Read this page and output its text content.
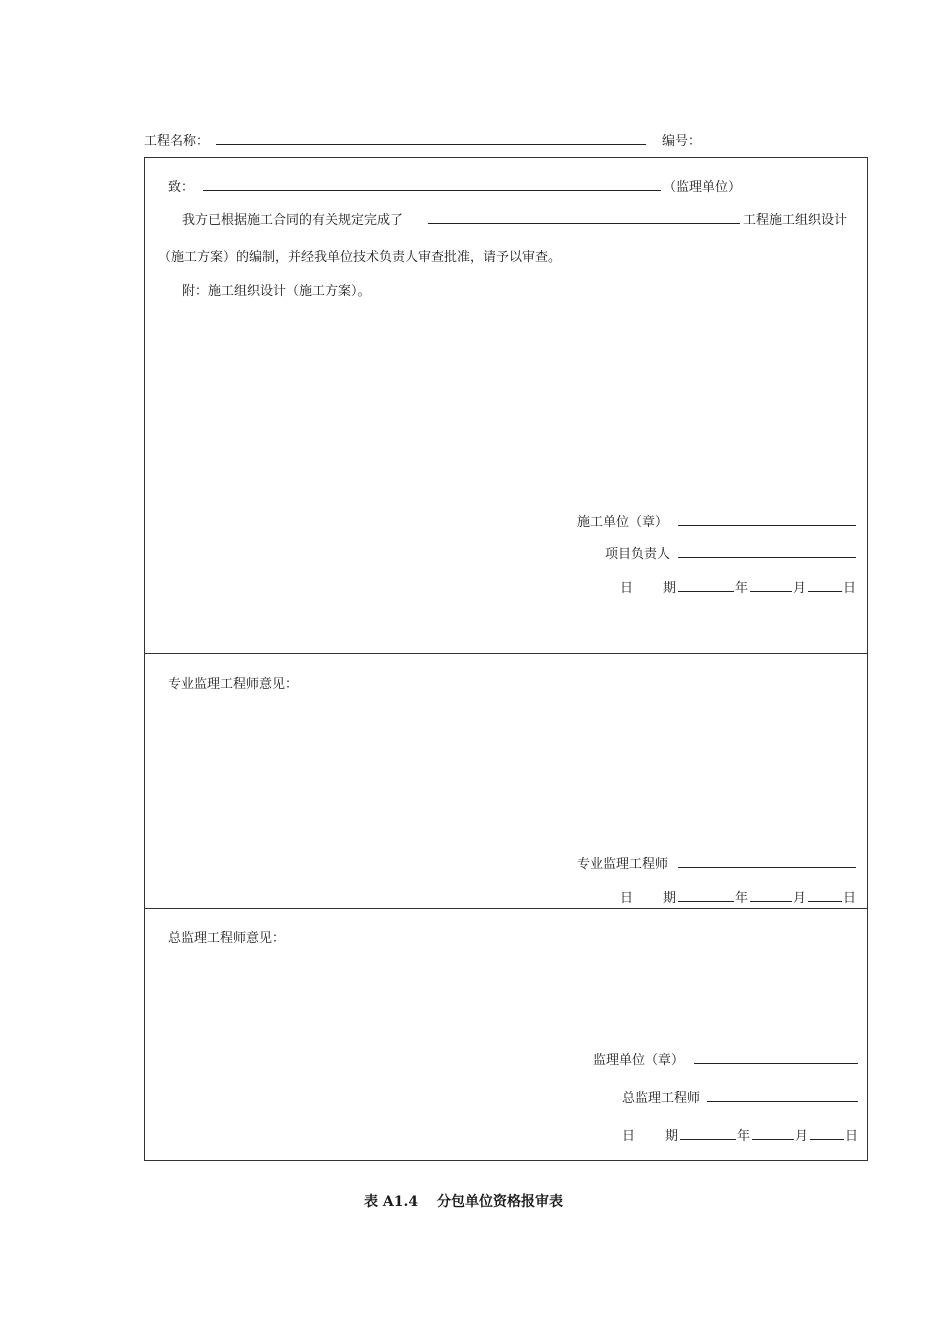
工程名称：	编号：
致：	（监理单位）
我方已根据施工合同的有关规定完成了	工程施工组织设计
（施工方案）的编制，并经我单位技术负责人审查批准，请予以审查。
附：施工组织设计（施工方案）。
施工单位（章）
项目负责人
日 期	年	月	日
专业监理工程师意见：
专业监理工程师
日 期	年	月	日
总监理工程师意见：
监理单位（章）
总监理工程师
日 期	年	月	日
表 A1.4　 分包单位资格报审表
